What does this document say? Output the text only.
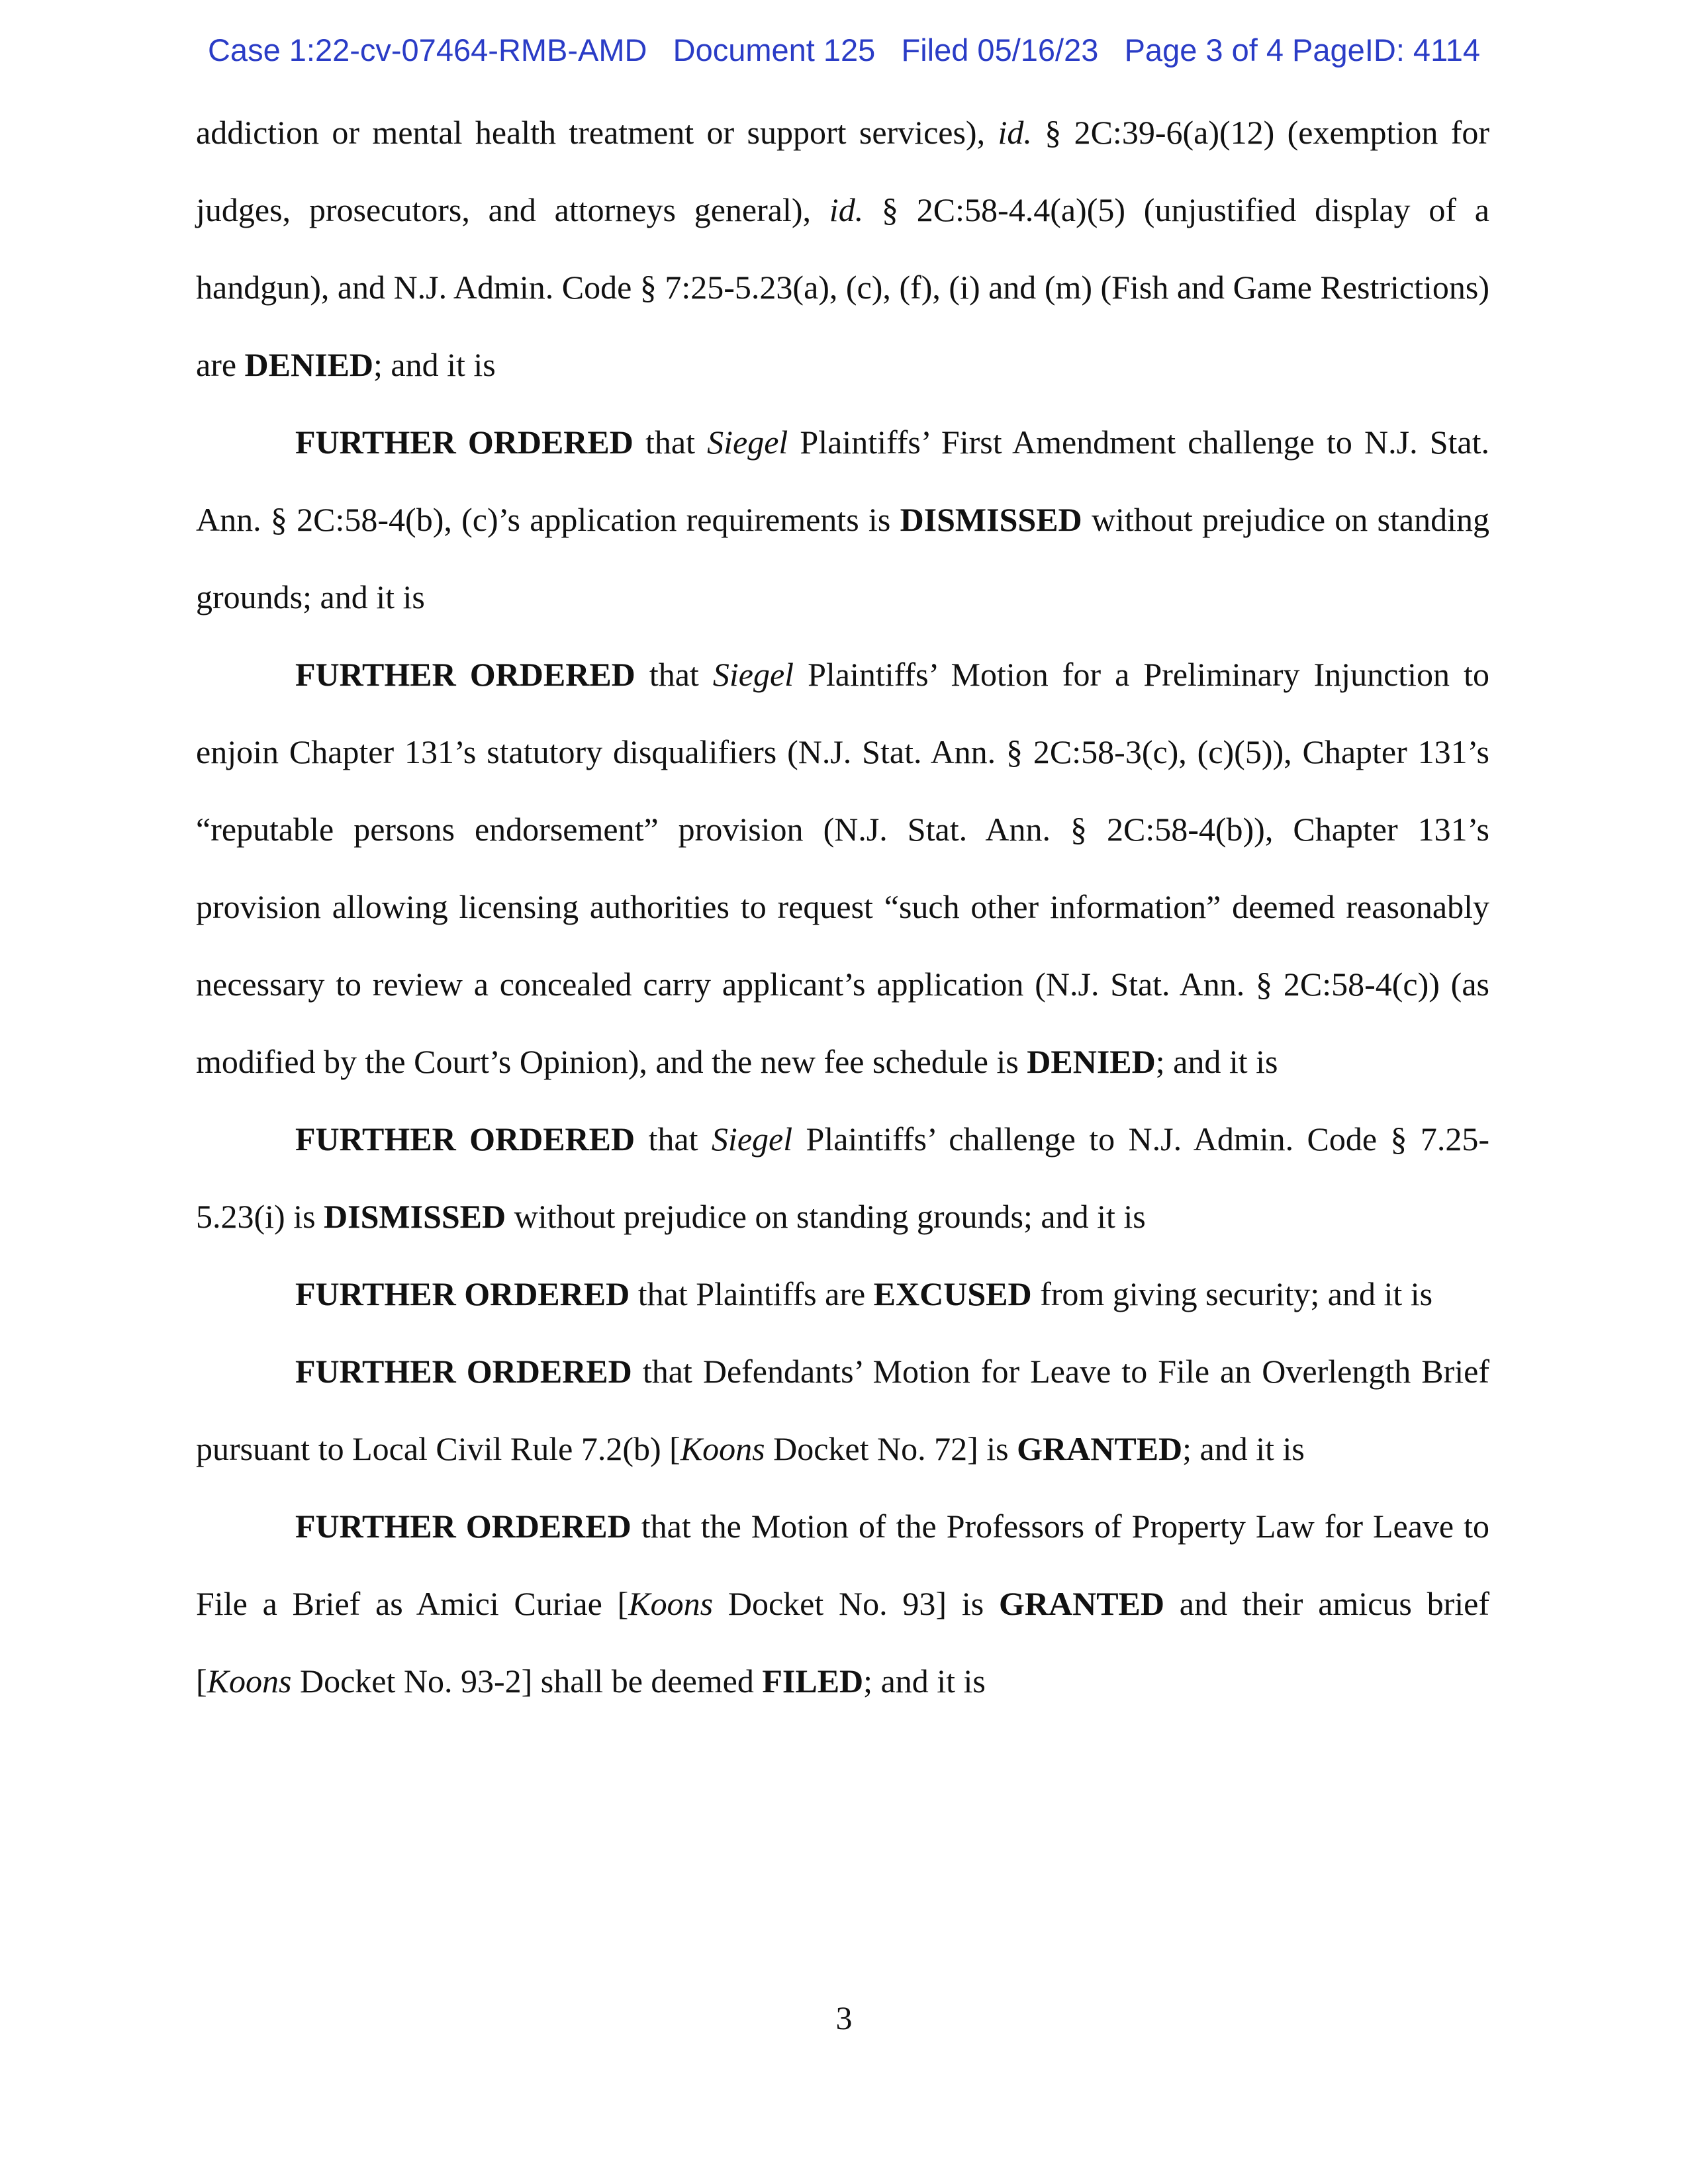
Case 1:22-cv-07464-RMB-AMD Document 125 Filed 05/16/23 Page 3 of 4 PageID: 4114

addiction or mental health treatment or support services), id. § 2C:39-6(a)(12) (exemption for judges, prosecutors, and attorneys general), id. § 2C:58-4.4(a)(5) (unjustified display of a handgun), and N.J. Admin. Code § 7:25-5.23(a), (c), (f), (i) and (m) (Fish and Game Restrictions) are DENIED; and it is

FURTHER ORDERED that Siegel Plaintiffs’ First Amendment challenge to N.J. Stat. Ann. § 2C:58-4(b), (c)’s application requirements is DISMISSED without prejudice on standing grounds; and it is

FURTHER ORDERED that Siegel Plaintiffs’ Motion for a Preliminary Injunction to enjoin Chapter 131’s statutory disqualifiers (N.J. Stat. Ann. § 2C:58-3(c), (c)(5)), Chapter 131’s “reputable persons endorsement” provision (N.J. Stat. Ann. § 2C:58-4(b)), Chapter 131’s provision allowing licensing authorities to request “such other information” deemed reasonably necessary to review a concealed carry applicant’s application (N.J. Stat. Ann. § 2C:58-4(c)) (as modified by the Court’s Opinion), and the new fee schedule is DENIED; and it is

FURTHER ORDERED that Siegel Plaintiffs’ challenge to N.J. Admin. Code § 7.25-5.23(i) is DISMISSED without prejudice on standing grounds; and it is

FURTHER ORDERED that Plaintiffs are EXCUSED from giving security; and it is

FURTHER ORDERED that Defendants’ Motion for Leave to File an Overlength Brief pursuant to Local Civil Rule 7.2(b) [Koons Docket No. 72] is GRANTED; and it is

FURTHER ORDERED that the Motion of the Professors of Property Law for Leave to File a Brief as Amici Curiae [Koons Docket No. 93] is GRANTED and their amicus brief [Koons Docket No. 93-2] shall be deemed FILED; and it is

3
